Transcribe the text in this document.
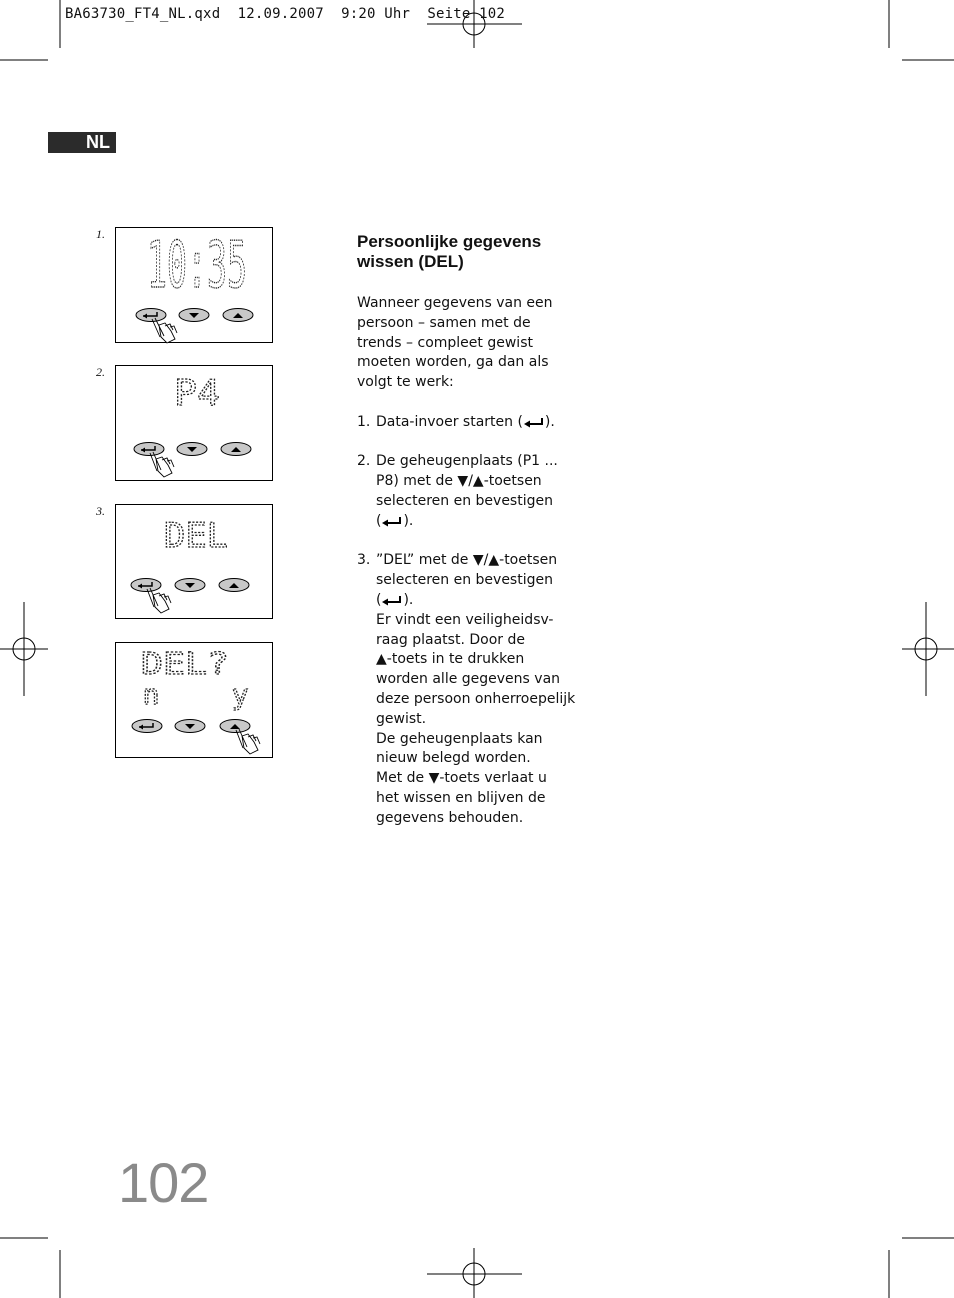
BA63730_FT4_NL.qxd  12.09.2007  9:20 Uhr  Seite 102
NL
1. 10:35
2.
P4
3.
DEL
DEL?
n	y
Persoonlijke gegevens
wissen (DEL)

Wanneer gegevens van een

persoon – samen met de

trends – compleet gewist

moeten worden, ga dan als

volgt te werk:

1. Data-invoer starten ( ).
2. De geheugenplaats (P1 ...
P8) met de ▼/▲-toetsen
selecteren en bevestigen
( ).
3. ”DEL” met de ▼/▲-toetsen
selecteren en bevestigen
( ).
Er vindt een veiligheidsv-
raag plaatst. Door de
▲-toets in te drukken
worden alle gegevens van
deze persoon onherroepelijk
gewist.
De geheugenplaats kan
nieuw belegd worden.
Met de ▼-toets verlaat u
het wissen en blijven de
gegevens behouden.
102
